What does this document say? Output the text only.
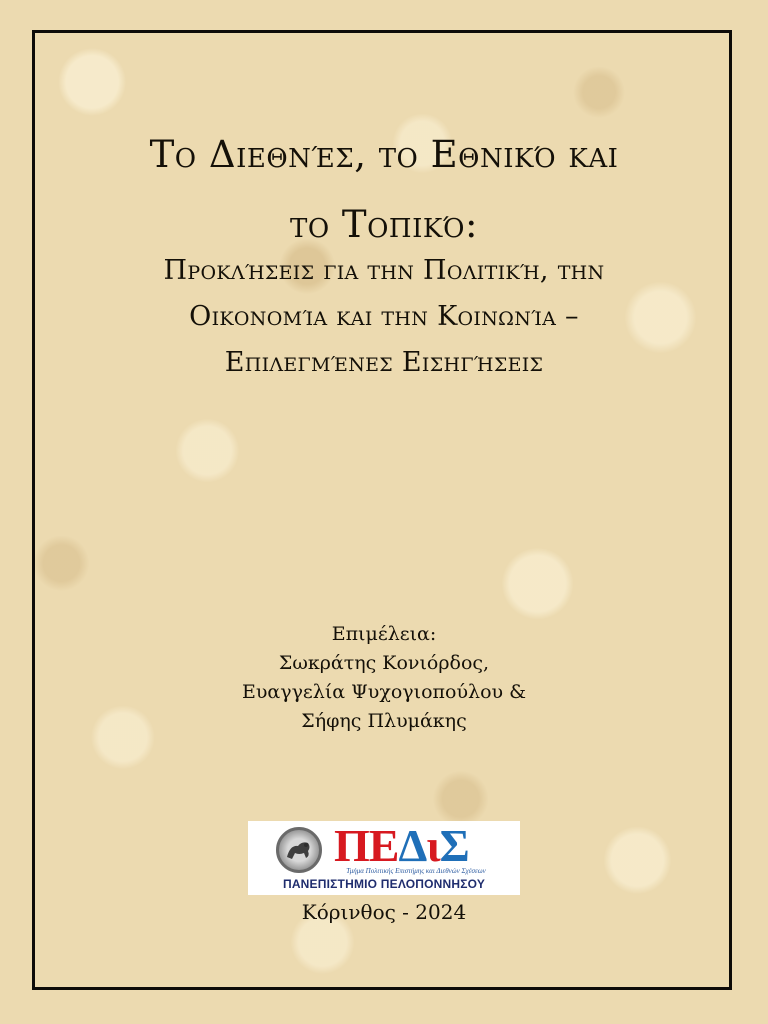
Το Διεθνές, το Εθνικό και
το Τοπικό:
Προκλήσεις για την Πολιτική, την
Οικονομία και την Κοινωνία –
Επιλεγμένες Εισηγήσεις
Επιμέλεια:
Σωκράτης Κονιόρδος,
Ευαγγελία Ψυχογιοπούλου &
Σήφης Πλυμάκης
ΠΕΔιΣ
Τμήμα Πολιτικής Επιστήμης και Διεθνών Σχέσεων
ΠΑΝΕΠΙΣΤΗΜΙΟ ΠΕΛΟΠΟΝΝΗΣΟΥ
Κόρινθος - 2024
